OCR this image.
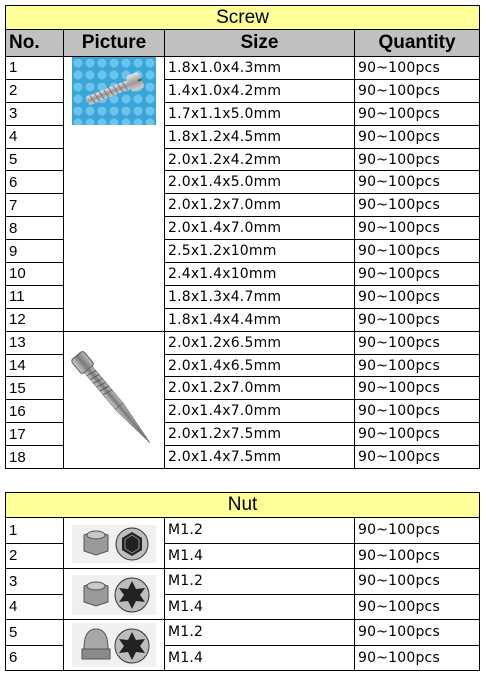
Screw			
No.	Picture	Size	Quantity
1		1.8x1.0x4.3mm	90~100pcs
2		1.4x1.0x4.2mm	90~100pcs
3		1.7x1.1x5.0mm	90~100pcs
4		1.8x1.2x4.5mm	90~100pcs
5		2.0x1.2x4.2mm	90~100pcs
6		2.0x1.4x5.0mm	90~100pcs
7		2.0x1.2x7.0mm	90~100pcs
8		2.0x1.4x7.0mm	90~100pcs
9		2.5x1.2x10mm	90~100pcs
10		2.4x1.4x10mm	90~100pcs
11		1.8x1.3x4.7mm	90~100pcs
12		1.8x1.4x4.4mm	90~100pcs
13		2.0x1.2x6.5mm	90~100pcs
14		2.0x1.4x6.5mm	90~100pcs
15		2.0x1.2x7.0mm	90~100pcs
16		2.0x1.4x7.0mm	90~100pcs
17		2.0x1.2x7.5mm	90~100pcs
18		2.0x1.4x7.5mm	90~100pcs
Nut			
1		M1.2	90~100pcs
2		M1.4	90~100pcs
3		M1.2	90~100pcs
4		M1.4	90~100pcs
5		M1.2	90~100pcs
6		M1.4	90~100pcs
